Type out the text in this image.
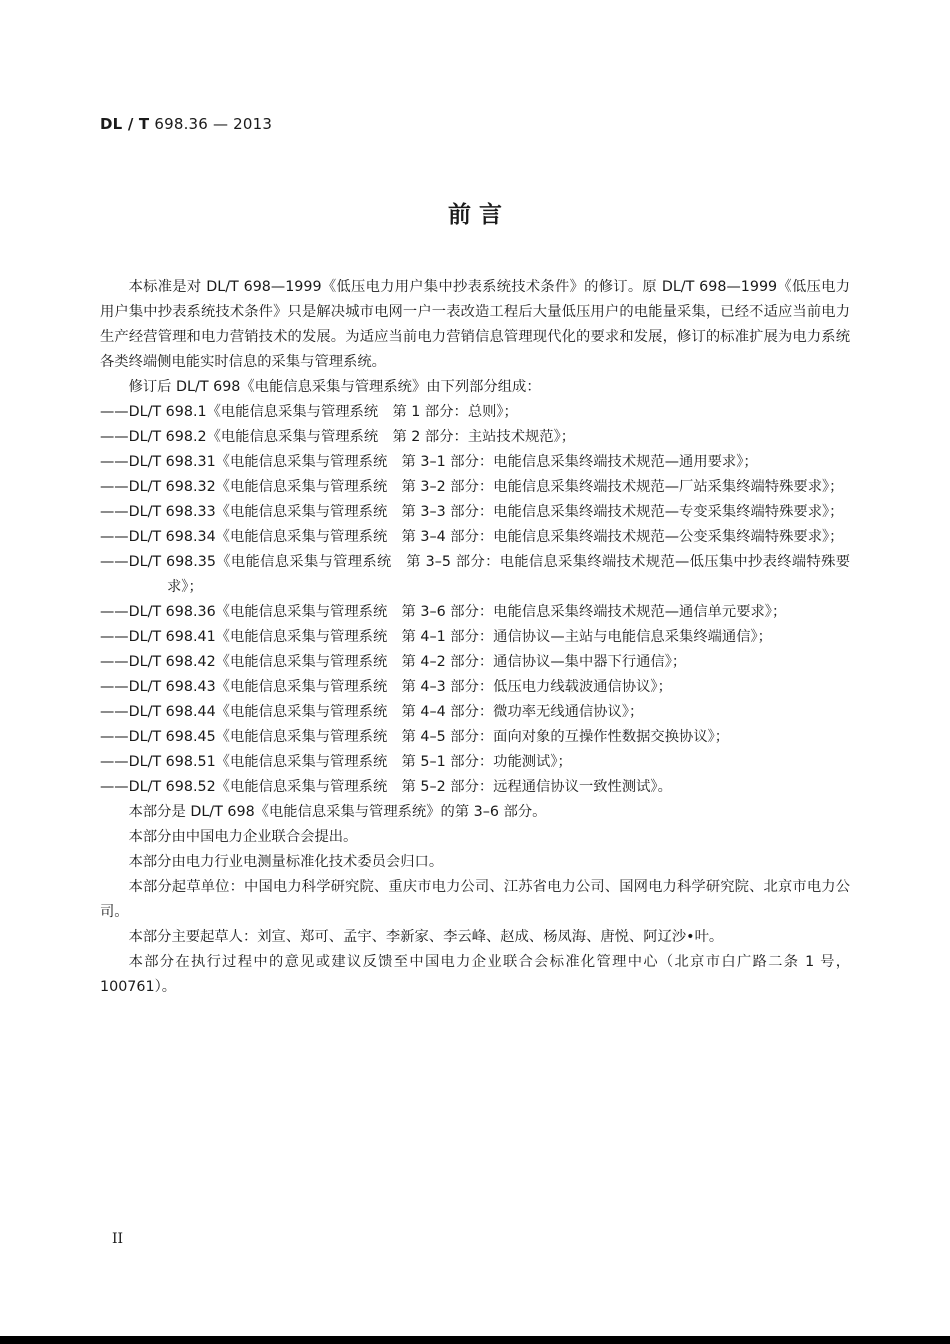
DL / T 698.36 — 2013
前 言

本标准是对 DL/T 698—1999《低压电力用户集中抄表系统技术条件》的修订。原 DL/T 698—1999《低压电力用户集中抄表系统技术条件》只是解决城市电网一户一表改造工程后大量低压用户的电能量采集，已经不适应当前电力生产经营管理和电力营销技术的发展。为适应当前电力营销信息管理现代化的要求和发展，修订的标准扩展为电力系统各类终端侧电能实时信息的采集与管理系统。

修订后 DL/T 698《电能信息采集与管理系统》由下列部分组成：

——DL/T 698.1《电能信息采集与管理系统　第 1 部分：总则》；

——DL/T 698.2《电能信息采集与管理系统　第 2 部分：主站技术规范》；

——DL/T 698.31《电能信息采集与管理系统　第 3–1 部分：电能信息采集终端技术规范—通用要求》；

——DL/T 698.32《电能信息采集与管理系统　第 3–2 部分：电能信息采集终端技术规范—厂站采集终端特殊要求》；

——DL/T 698.33《电能信息采集与管理系统　第 3–3 部分：电能信息采集终端技术规范—专变采集终端特殊要求》；

——DL/T 698.34《电能信息采集与管理系统　第 3–4 部分：电能信息采集终端技术规范—公变采集终端特殊要求》；

——DL/T 698.35《电能信息采集与管理系统　第 3–5 部分：电能信息采集终端技术规范—低压集中抄表终端特殊要求》；

——DL/T 698.36《电能信息采集与管理系统　第 3–6 部分：电能信息采集终端技术规范—通信单元要求》；

——DL/T 698.41《电能信息采集与管理系统　第 4–1 部分：通信协议—主站与电能信息采集终端通信》；

——DL/T 698.42《电能信息采集与管理系统　第 4–2 部分：通信协议—集中器下行通信》；

——DL/T 698.43《电能信息采集与管理系统　第 4–3 部分：低压电力线载波通信协议》；

——DL/T 698.44《电能信息采集与管理系统　第 4–4 部分：微功率无线通信协议》；

——DL/T 698.45《电能信息采集与管理系统　第 4–5 部分：面向对象的互操作性数据交换协议》；

——DL/T 698.51《电能信息采集与管理系统　第 5–1 部分：功能测试》；

——DL/T 698.52《电能信息采集与管理系统　第 5–2 部分：远程通信协议一致性测试》。

本部分是 DL/T 698《电能信息采集与管理系统》的第 3–6 部分。

本部分由中国电力企业联合会提出。

本部分由电力行业电测量标准化技术委员会归口。

本部分起草单位：中国电力科学研究院、重庆市电力公司、江苏省电力公司、国网电力科学研究院、北京市电力公司。

本部分主要起草人：刘宣、郑可、孟宇、李新家、李云峰、赵成、杨凤海、唐悦、阿辽沙•叶。

本部分在执行过程中的意见或建议反馈至中国电力企业联合会标准化管理中心（北京市白广路二条 1 号，100761）。

II
